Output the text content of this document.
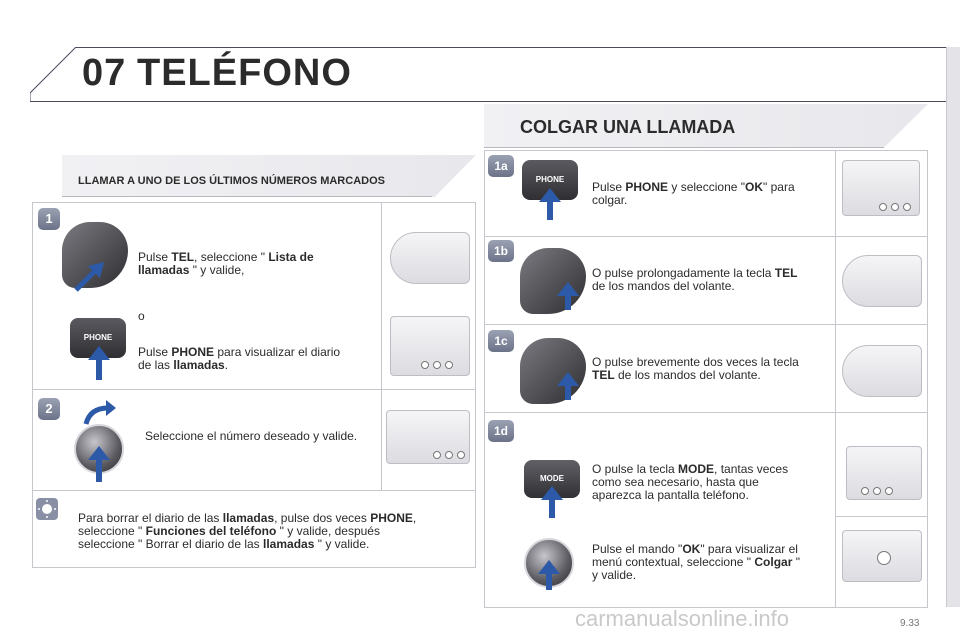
07 TELÉFONO
LLAMAR A UNO DE LOS ÚLTIMOS NÚMEROS MARCADOS
1
Pulse TEL, seleccione " Lista de
llamadas " y valide,
o
PHONE
Pulse PHONE para visualizar el diario
de las llamadas.
2
Seleccione el número deseado y valide.
Para borrar el diario de las llamadas, pulse dos veces PHONE,
seleccione " Funciones del teléfono " y valide, después
seleccione " Borrar el diario de las llamadas " y valide.
COLGAR UNA LLAMADA
1a
PHONE
Pulse PHONE y seleccione "OK" para
colgar.
1b
O pulse prolongadamente la tecla TEL
de los mandos del volante.
1c
O pulse brevemente dos veces la tecla
TEL de los mandos del volante.
1d
MODE
O pulse la tecla MODE, tantas veces
como sea necesario, hasta que
aparezca la pantalla teléfono.
Pulse el mando "OK" para visualizar el
menú contextual, seleccione " Colgar "
y valide.
carmanualsonline.info	9.33
